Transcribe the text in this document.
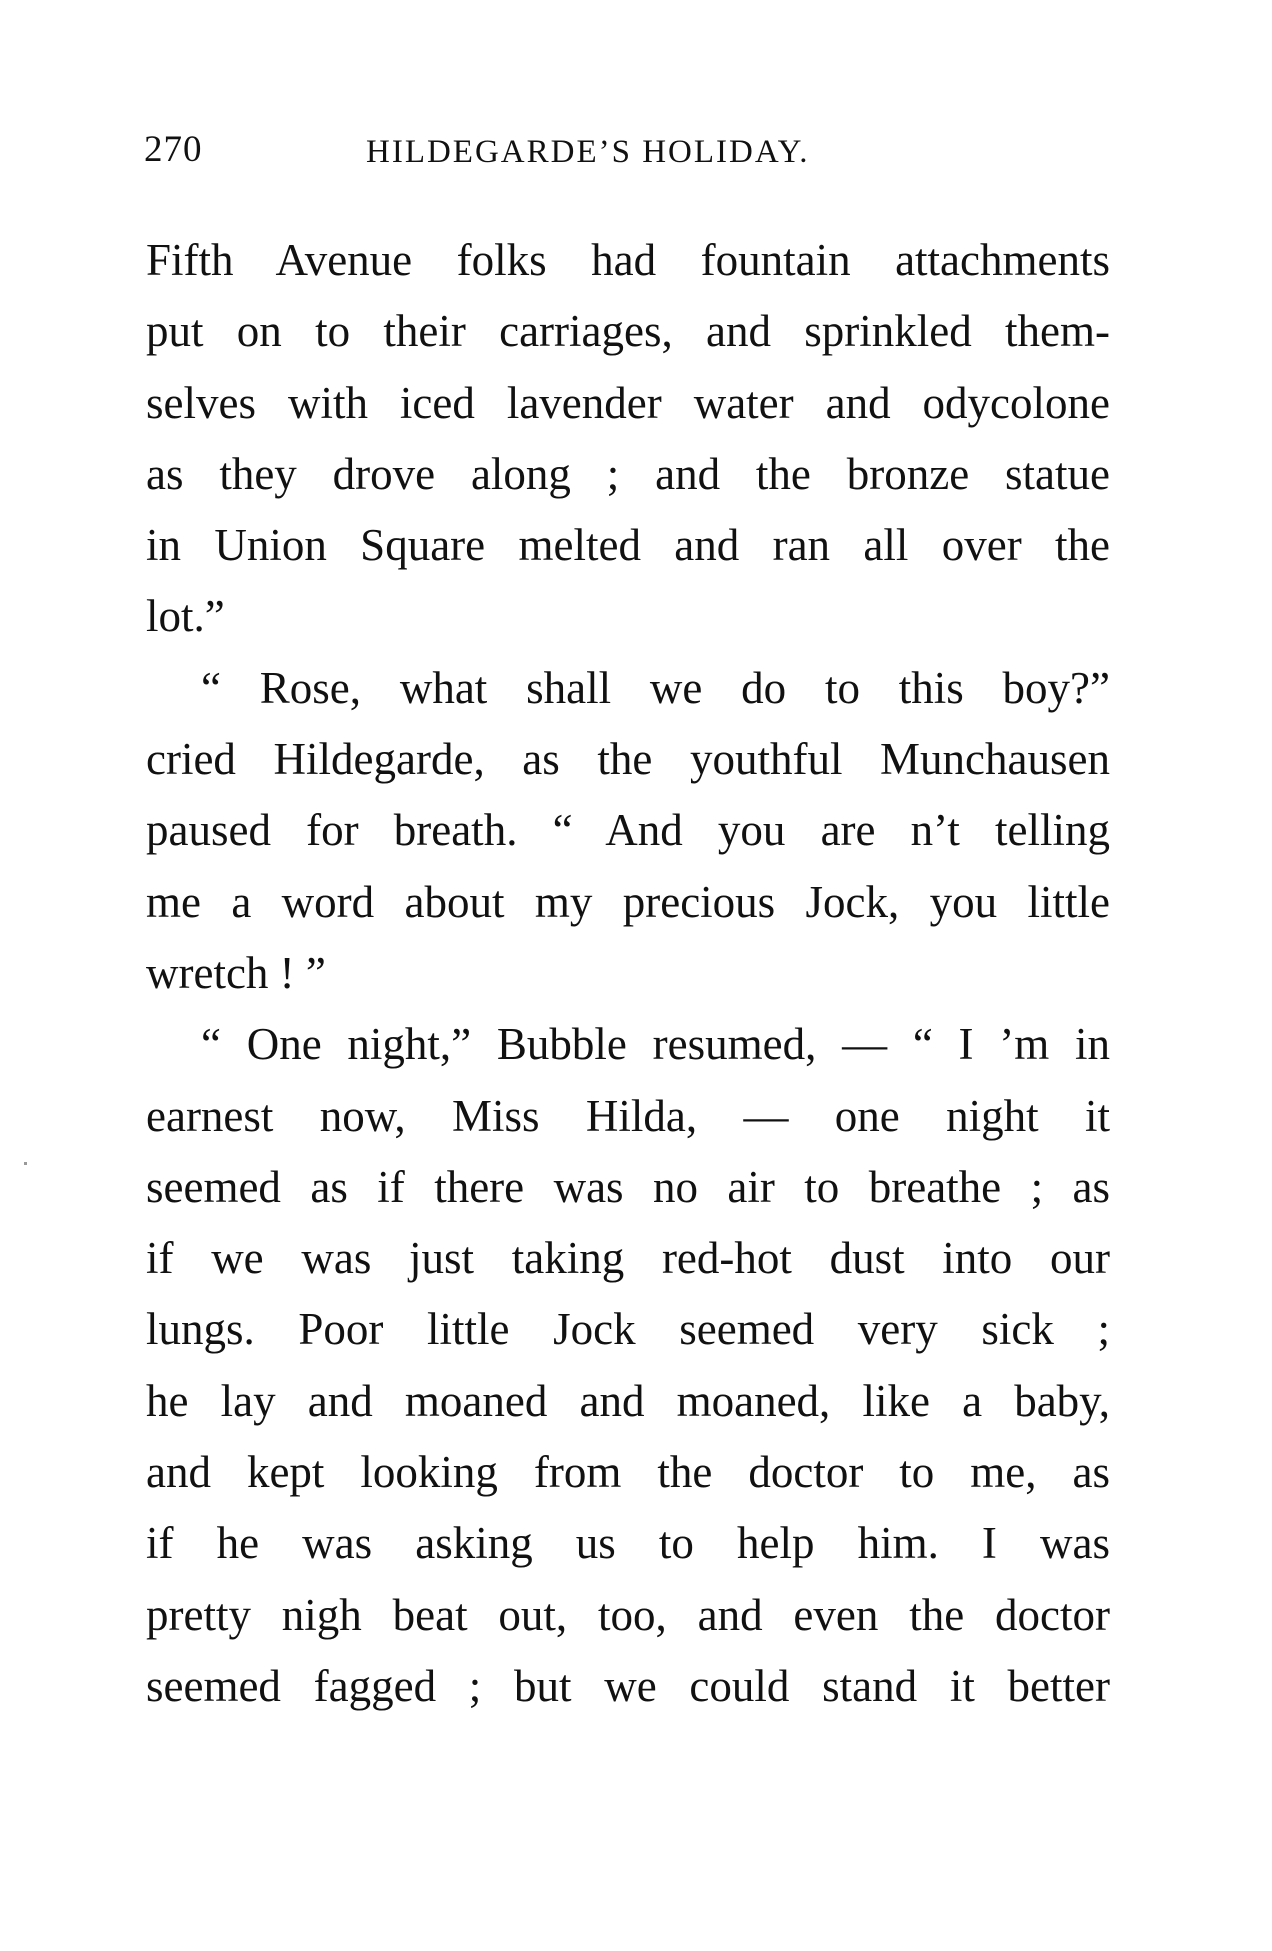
270	HILDEGARDE’S HOLIDAY.
Fifth Avenue folks had fountain attachments
put on to their carriages, and sprinkled them-
selves with iced lavender water and odycolone
as they drove along ; and the bronze statue
in Union Square melted and ran all over the
lot.”
“ Rose, what shall we do to this boy?”
cried Hildegarde, as the youthful Munchausen
paused for breath. “ And you are n’t telling
me a word about my precious Jock, you little
wretch ! ”
“ One night,” Bubble resumed, — “ I ’m in
earnest now, Miss Hilda, — one night it
seemed as if there was no air to breathe ; as
if we was just taking red-hot dust into our
lungs. Poor little Jock seemed very sick ;
he lay and moaned and moaned, like a baby,
and kept looking from the doctor to me, as
if he was asking us to help him. I was
pretty nigh beat out, too, and even the doctor
seemed fagged ; but we could stand it better
